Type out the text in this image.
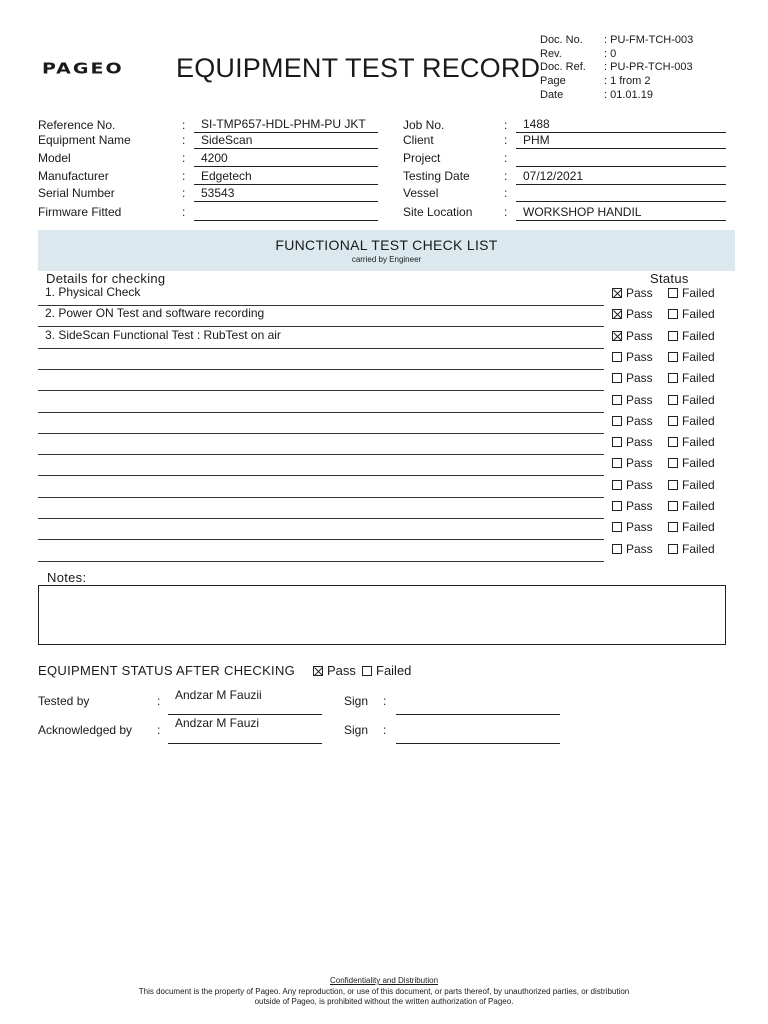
PAGEO EQUIPMENT TEST RECORD
Doc. No. : PU-FM-TCH-003
Rev.	: 0
Doc. Ref. : PU-PR-TCH-003
Page	: 1 from 2
Date	: 01.01.19
Reference No.	:	SI-TMP657-HDL-PHM-PU JKT
Equipment Name	:	SideScan
Model	:	4200
Manufacturer	:	Edgetech
Serial Number	:	53543
Firmware Fitted	:
Job No.	:	1488
Client	:	PHM
Project	:
Testing Date	:	07/12/2021
Vessel	:
Site Location	:	WORKSHOP HANDIL
FUNCTIONAL TEST CHECK LIST
carried by Engineer
Details for checking	Status
1. Physical Check	Pass	Failed
2. Power ON Test and software recording	Pass	Failed
3. SideScan Functional Test : RubTest on air	Pass	Failed
Pass	Failed
Pass	Failed
Pass	Failed
Pass	Failed
Pass	Failed
Pass	Failed
Pass	Failed
Pass	Failed
Pass	Failed
Pass	Failed
Notes:
EQUIPMENT STATUS AFTER CHECKING	Pass	Failed
Tested by	: Andzar M Fauzii	Sign :
Acknowledged by : Andzar M Fauzi	Sign :
Confidentiality and Distribution
This document is the property of Pageo. Any reproduction, or use of this document, or parts thereof, by unauthorized parties, or distribution
outside of Pageo, is prohibited without the written authorization of Pageo.
